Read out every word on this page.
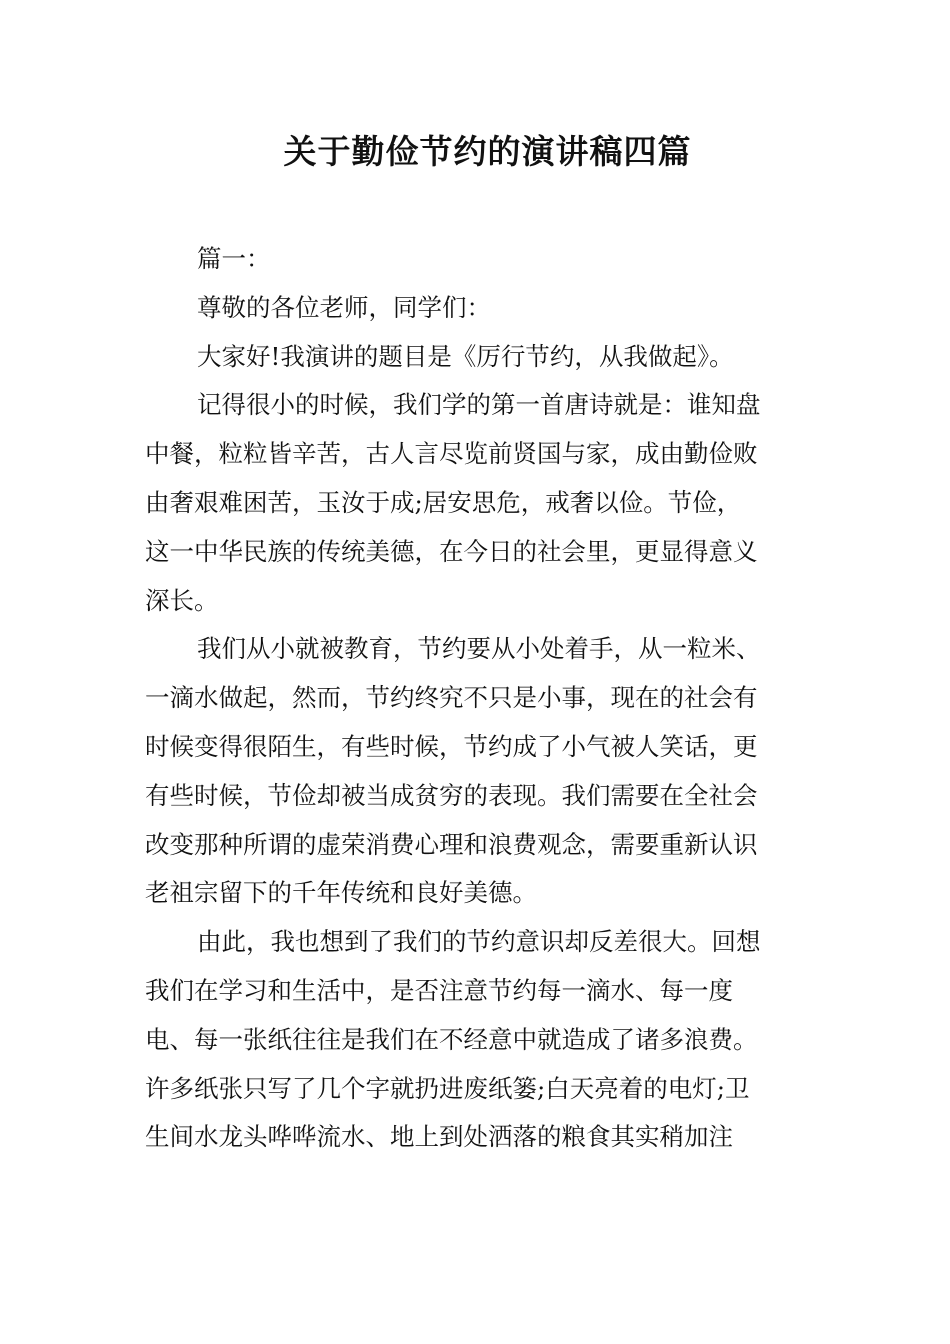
关于勤俭节约的演讲稿四篇

篇一：

尊敬的各位老师，同学们：

大家好!我演讲的题目是《厉行节约，从我做起》。

记得很小的时候，我们学的第一首唐诗就是：谁知盘

中餐，粒粒皆辛苦，古人言尽览前贤国与家，成由勤俭败

由奢艰难困苦，玉汝于成;居安思危，戒奢以俭。节俭，

这一中华民族的传统美德，在今日的社会里，更显得意义

深长。

我们从小就被教育，节约要从小处着手，从一粒米、

一滴水做起，然而，节约终究不只是小事，现在的社会有

时候变得很陌生，有些时候，节约成了小气被人笑话，更

有些时候，节俭却被当成贫穷的表现。我们需要在全社会

改变那种所谓的虚荣消费心理和浪费观念，需要重新认识

老祖宗留下的千年传统和良好美德。

由此，我也想到了我们的节约意识却反差很大。回想

我们在学习和生活中，是否注意节约每一滴水、每一度

电、每一张纸往往是我们在不经意中就造成了诸多浪费。

许多纸张只写了几个字就扔进废纸篓;白天亮着的电灯;卫

生间水龙头哗哗流水、地上到处洒落的粮食其实稍加注
